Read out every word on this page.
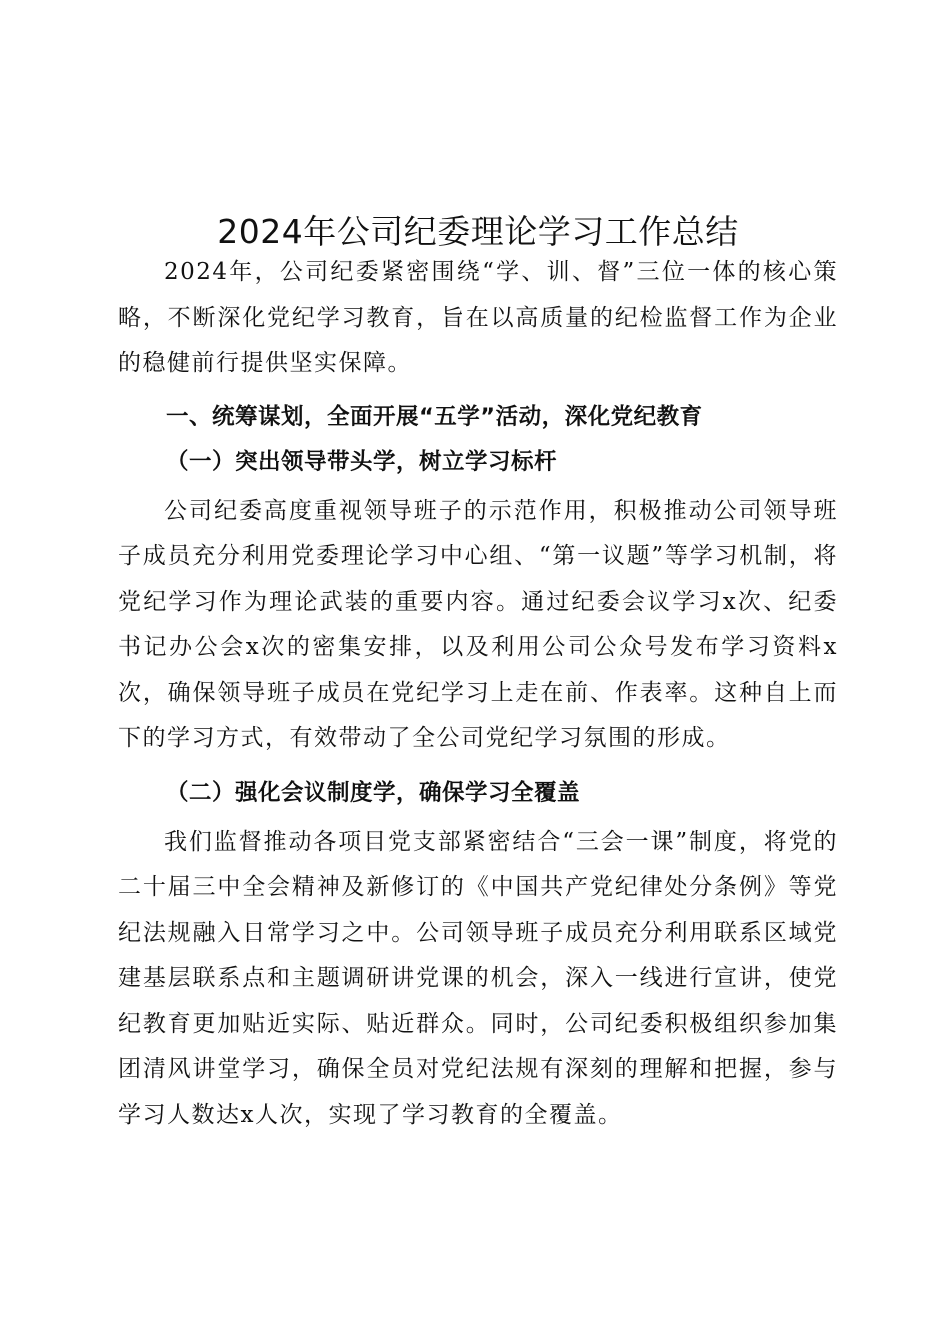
2024年公司纪委理论学习工作总结

2024年，公司纪委紧密围绕“学、训、督”三位一体的核心策略，不断深化党纪学习教育，旨在以高质量的纪检监督工作为企业的稳健前行提供坚实保障。

一、统筹谋划，全面开展“五学”活动，深化党纪教育

（一）突出领导带头学，树立学习标杆

公司纪委高度重视领导班子的示范作用，积极推动公司领导班子成员充分利用党委理论学习中心组、“第一议题”等学习机制，将党纪学习作为理论武装的重要内容。通过纪委会议学习x次、纪委书记办公会x次的密集安排，以及利用公司公众号发布学习资料x次，确保领导班子成员在党纪学习上走在前、作表率。这种自上而下的学习方式，有效带动了全公司党纪学习氛围的形成。

（二）强化会议制度学，确保学习全覆盖

我们监督推动各项目党支部紧密结合“三会一课”制度，将党的二十届三中全会精神及新修订的《中国共产党纪律处分条例》等党纪法规融入日常学习之中。公司领导班子成员充分利用联系区域党建基层联系点和主题调研讲党课的机会，深入一线进行宣讲，使党纪教育更加贴近实际、贴近群众。同时，公司纪委积极组织参加集团清风讲堂学习，确保全员对党纪法规有深刻的理解和把握，参与学习人数达x人次，实现了学习教育的全覆盖。
